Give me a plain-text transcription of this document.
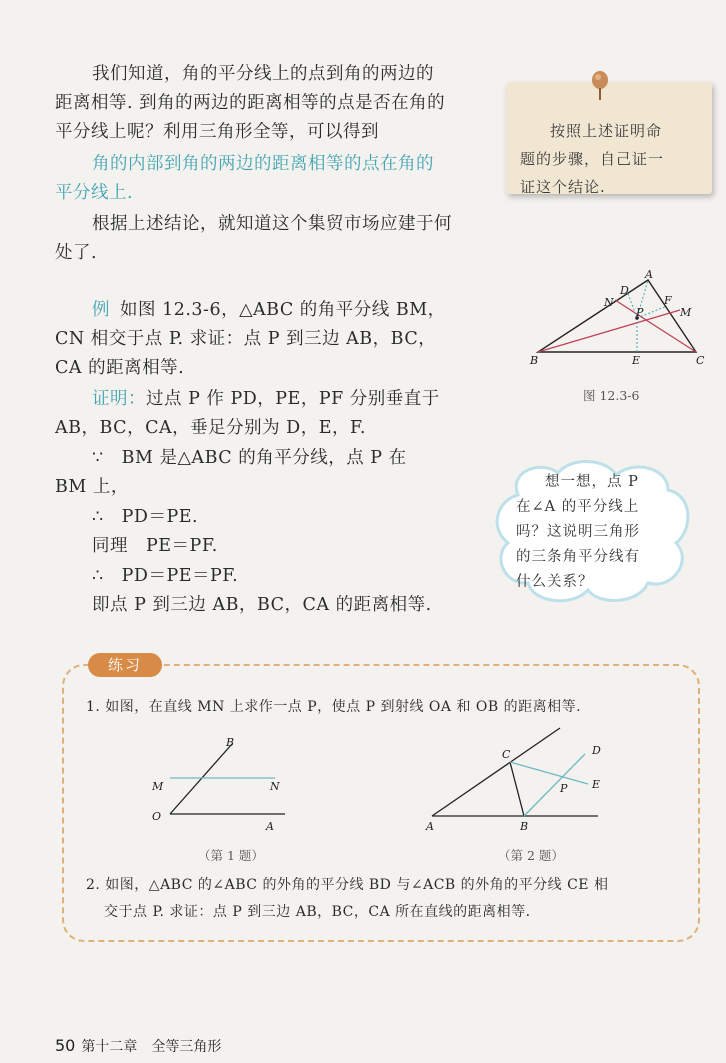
我们知道，角的平分线上的点到角的两边的
距离相等. 到角的两边的距离相等的点是否在角的
平分线上呢？利用三角形全等，可以得到
角的内部到角的两边的距离相等的点在角的
平分线上.
根据上述结论，就知道这个集贸市场应建于何
处了.
按照上述证明命
题的步骤，自己证一
证这个结论.
例 如图 12.3-6，△ABC 的角平分线 BM，
CN 相交于点 P. 求证：点 P 到三边 AB，BC，
CA 的距离相等.
证明：过点 P 作 PD，PE，PF 分别垂直于
AB，BC，CA，垂足分别为 D，E，F.
∵　BM 是△ABC 的角平分线，点 P 在
BM 上，
∴　PD＝PE.
同理　PE＝PF.
∴　PD＝PE＝PF.
即点 P 到三边 AB，BC，CA 的距离相等.
A
B	C
D
E
F
M
N
P
图 12.3-6
想一想，点 P
在∠A 的平分线上
吗？这说明三角形
的三条角平分线有
什么关系？
练习
1. 如图，在直线 MN 上求作一点 P，使点 P 到射线 OA 和 OB 的距离相等.
B
M	N
O
A
（第 1 题）
C	D
P E
A	B
（第 2 题）
2. 如图，△ABC 的∠ABC 的外角的平分线 BD 与∠ACB 的外角的平分线 CE 相
交于点 P. 求证：点 P 到三边 AB，BC，CA 所在直线的距离相等.
50 第十二章　全等三角形
